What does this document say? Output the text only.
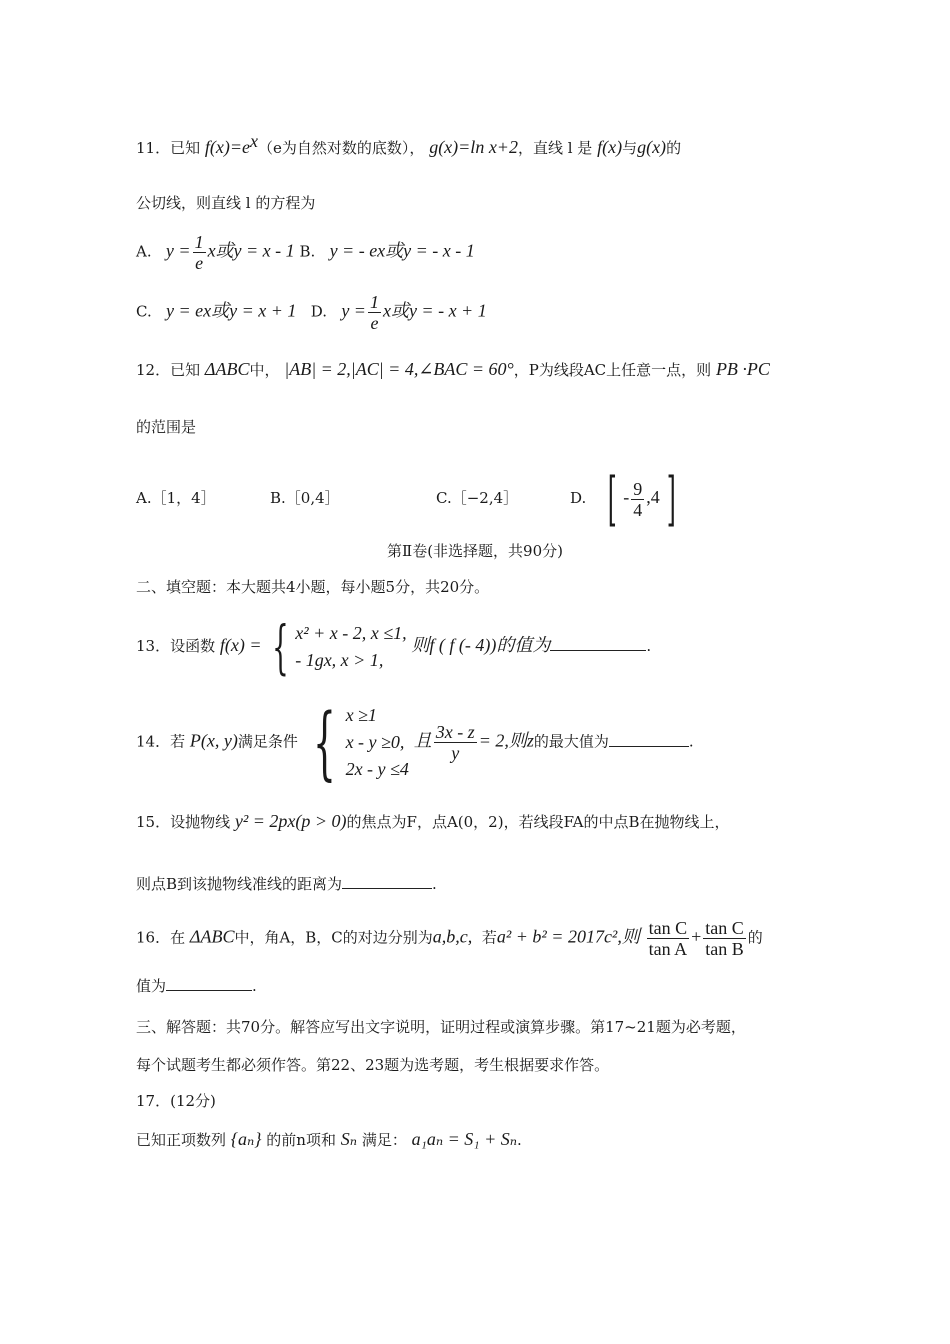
11．已知 $f(x)=e^x(e$为自然对数的底数）， g(x)=ln x+2，直线 l 是 f(x)与g(x)的
公切线，则直线 l 的方程为
A. $y = \frac{1}{e}$ x或y = x - 1 B. y = - ex或y = - x - 1
C. y = ex或y = x + 1 D. $y = \frac{1}{e}$ x或y = - x + 1
12．已知 ΔABC中， |AB| = 2,|AC| = 4,∠BAC = 60°，P为线段AC上任意一点，则 PB ·PC
的范围是
A.［1，4］	B.［0,4］	C.［−2,4］	D. [ - $\frac{9}{4} ,4$ ]
第Ⅱ卷(非选择题，共90分)
二、填空题：本大题共4小题，每小题5分，共20分。
13．设函数 f(x) = { x² + x - 2, x ≤1,
- 1gx, x > 1,
则f ( f (- 4))的值为	.
14．若 P(x, y)满足条件 { x ≥1
x - y ≥0,
2x - y ≤4
且 $\frac{3x - z}{y} = 2$,则z的最大值为	.
15．设抛物线 y² = 2px(p > 0)的焦点为F，点A(0，2)，若线段FA的中点B在抛物线上，
则点B到该抛物线准线的距离为	.
16．在 ΔABC中，角A，B，C的对边分别为a,b,c, 若a² + b² = 2017c²,则 $\frac{\text{tan C}}{\text{tan A}} + \frac{\text{tan C}}{\text{tan B}}$ 的
值为	.
三、解答题：共70分。解答应写出文字说明，证明过程或演算步骤。第17~21题为必考题，
每个试题考生都必须作答。第22、23题为选考题，考生根据要求作答。
17．(12分)
已知正项数列 {aₙ} 的前n项和 Sₙ 满足： a₁aₙ = S₁ + Sₙ.
